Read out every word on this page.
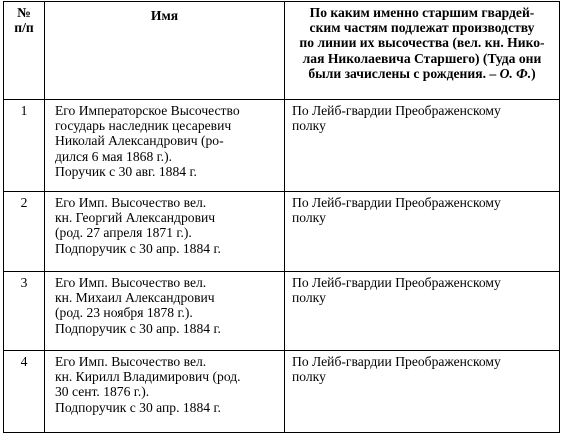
№
п/п	Имя	По каким именно старшим гвардей-
ским частям подлежат производству
по линии их высочества (вел. кн. Нико-
лая Николаевича Старшего) (Туда они
были зачислены с рождения. – О. Ф.)

1	Его Императорское Высочество
государь наследник цесаревич
Николай Александрович (ро-
дился 6 мая 1868 г.).
Поручик с 30 авг. 1884 г.	По Лейб-гвардии Преображенскому
полку

2	Его Имп. Высочество вел.
кн. Георгий Александрович
(род. 27 апреля 1871 г.).
Подпоручик с 30 апр. 1884 г.	По Лейб-гвардии Преображенскому
полку

3	Его Имп. Высочество вел.
кн. Михаил Александрович
(род. 23 ноября 1878 г.).
Подпоручик с 30 апр. 1884 г.	По Лейб-гвардии Преображенскому
полку

4	Его Имп. Высочество вел.
кн. Кирилл Владимирович (род.
30 сент. 1876 г.).
Подпоручик с 30 апр. 1884 г.	По Лейб-гвардии Преображенскому
полку
